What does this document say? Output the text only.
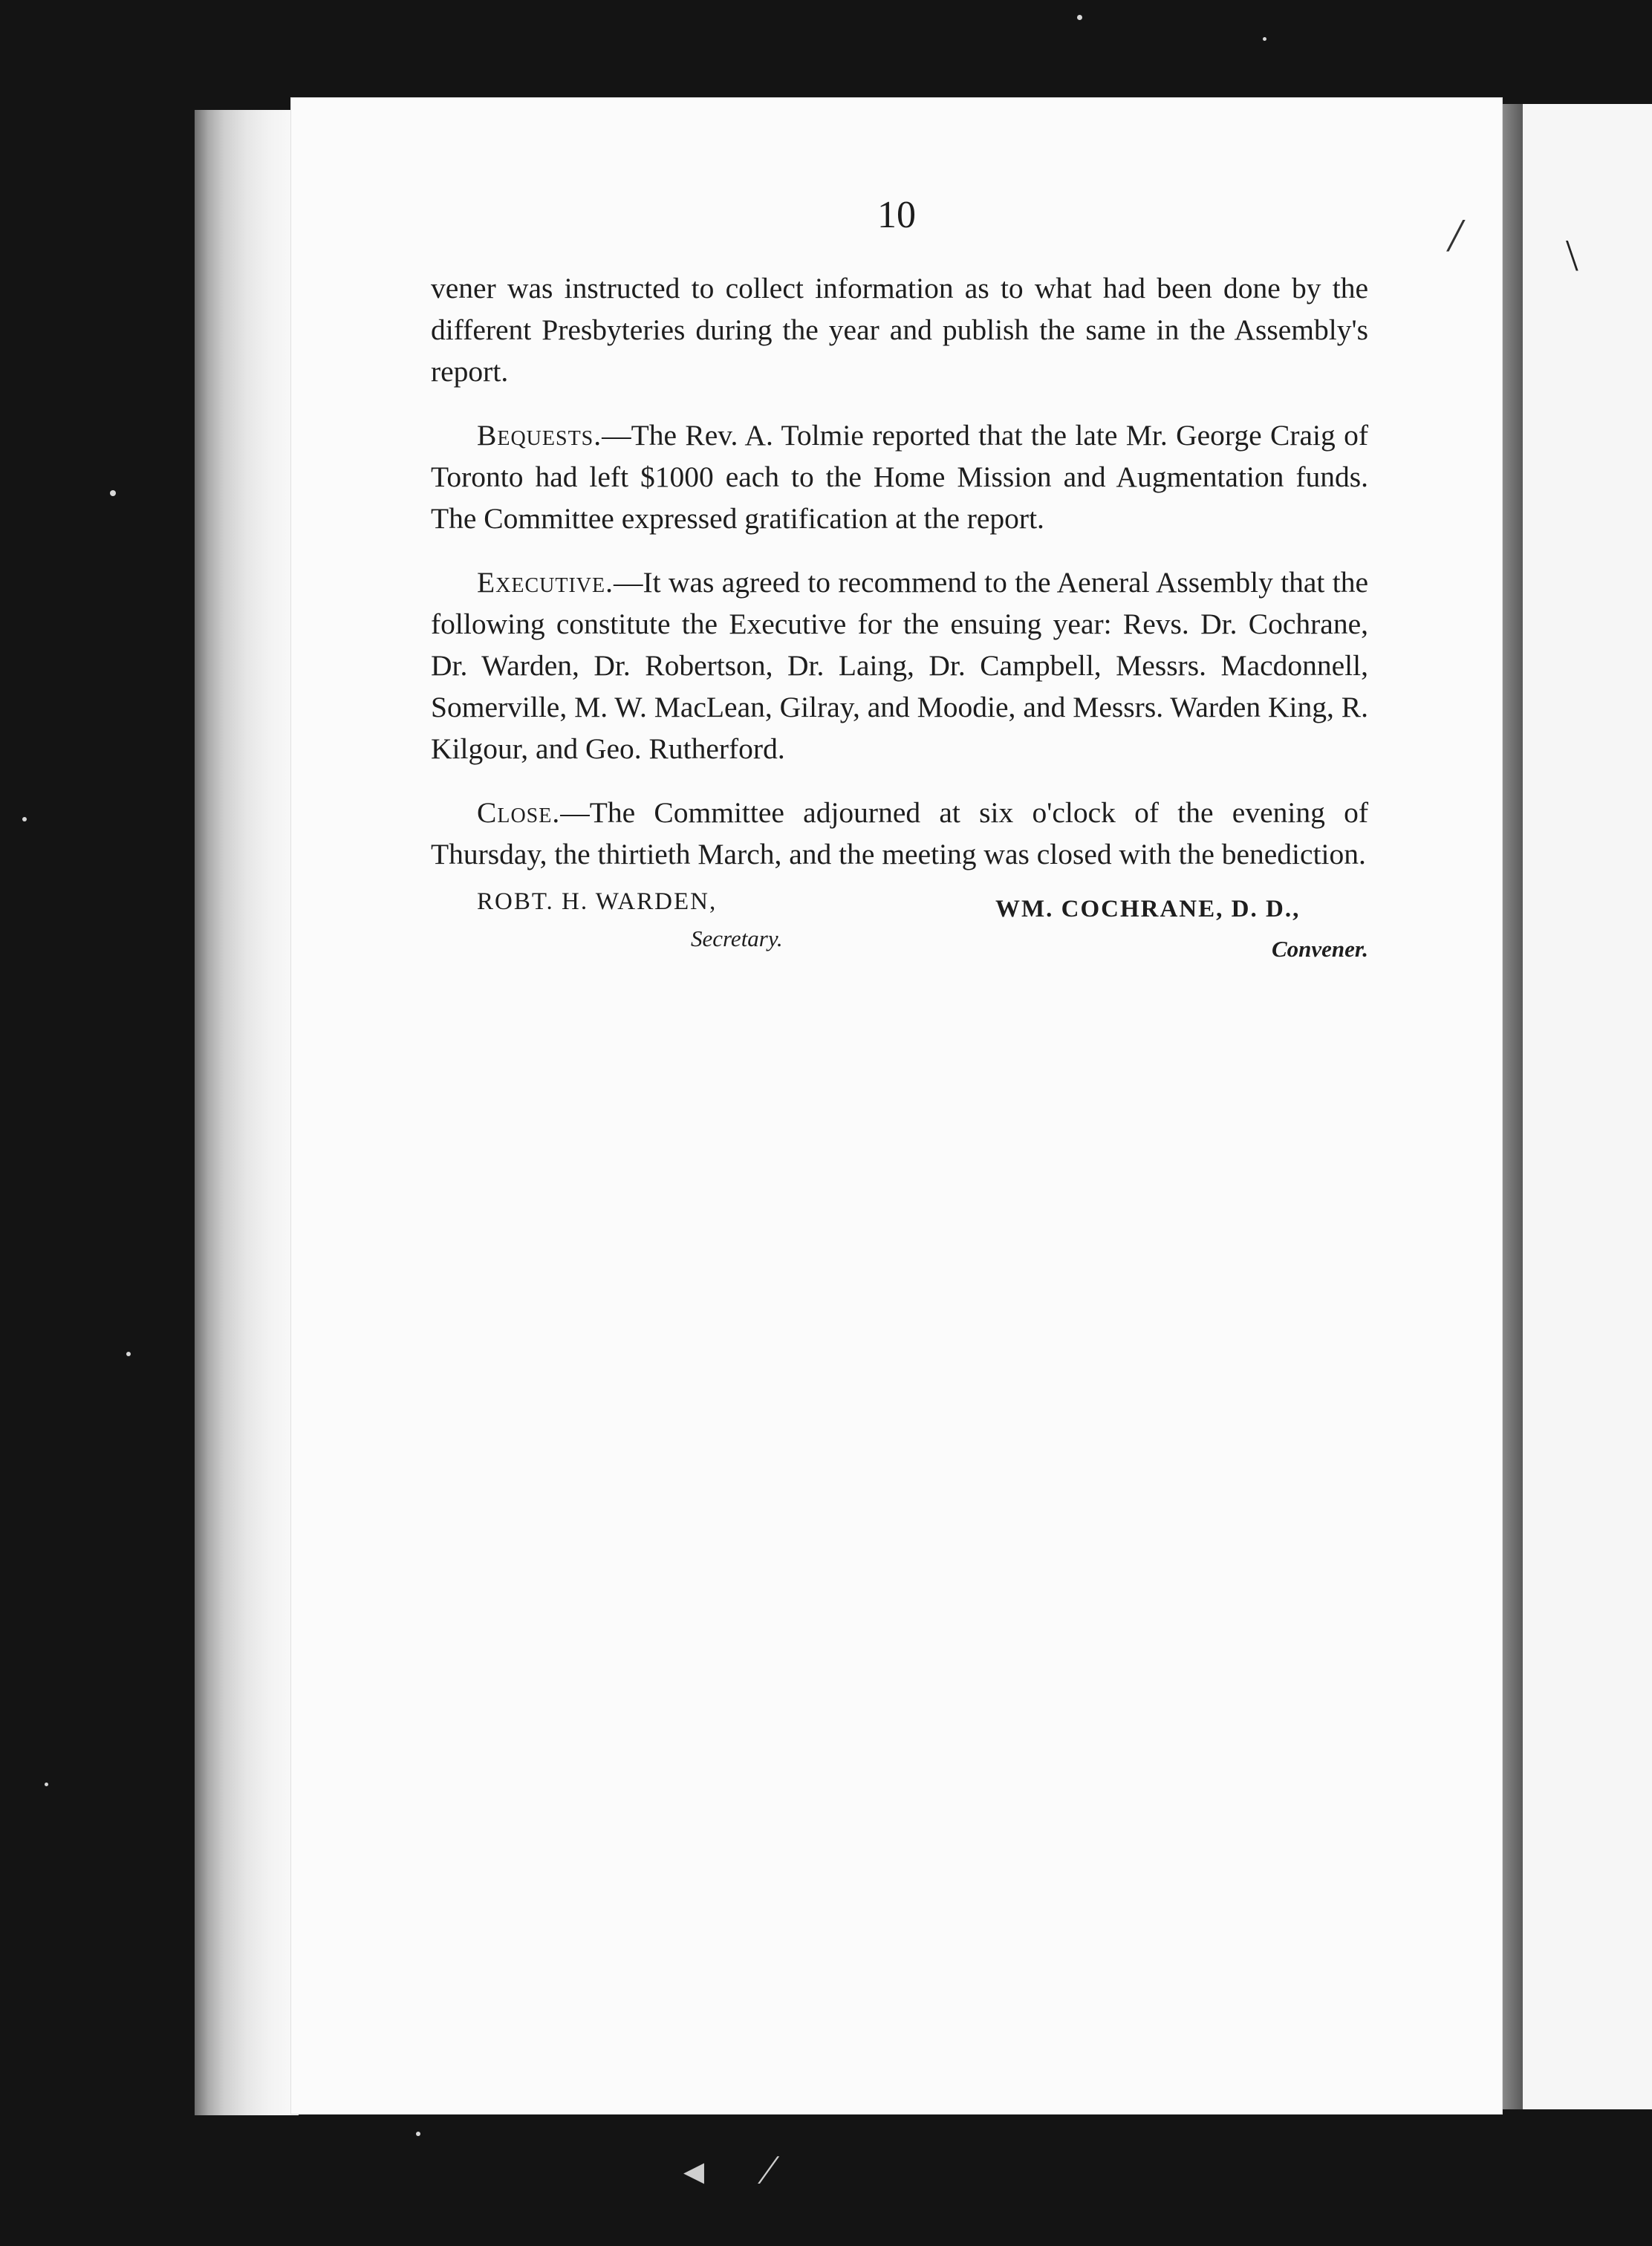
◂ ⁄
\
10

vener was instructed to collect information as to what had been done by the different Presbyteries during the year and publish the same in the Assembly's report.

Bequests.—The Rev. A. Tolmie reported that the late Mr. George Craig of Toronto had left $1000 each to the Home Mission and Augmentation funds. The Committee expressed gratification at the report.

Executive.—It was agreed to recommend to the Aeneral Assembly that the following constitute the Executive for the ensuing year: Revs. Dr. Cochrane, Dr. Warden, Dr. Robertson, Dr. Laing, Dr. Campbell, Messrs. Macdonnell, Somerville, M. W. MacLean, Gilray, and Moodie, and Messrs. Warden King, R. Kilgour, and Geo. Rutherford.

Close.—The Committee adjourned at six o'clock of the evening of Thursday, the thirtieth March, and the meeting was closed with the benediction.

ROBT. H. WARDEN,
Secretary.
WM. COCHRANE, D. D.,
Convener.
/
